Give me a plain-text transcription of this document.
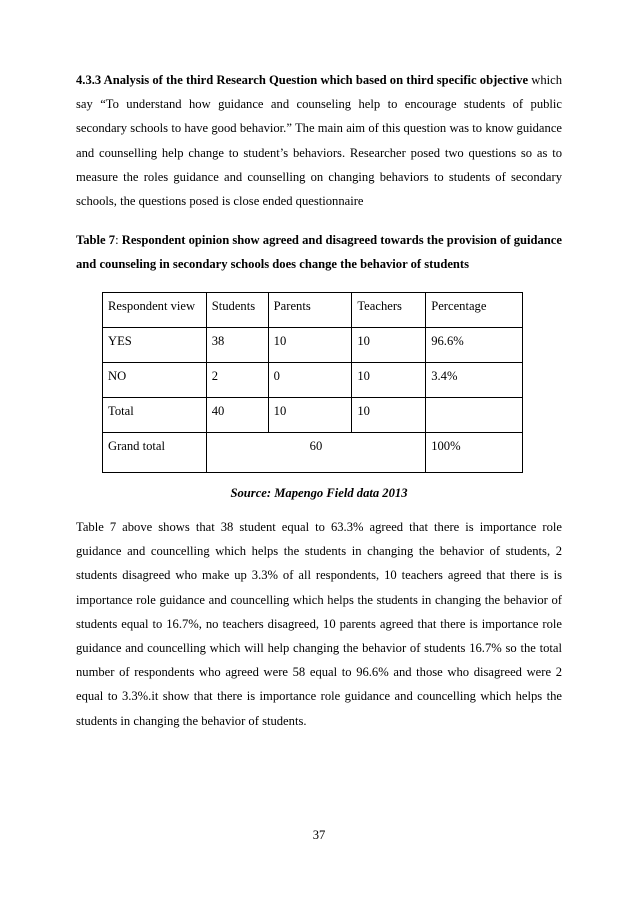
4.3.3 Analysis of the third Research Question which based on third specific objective which say “To understand how guidance and counseling help to encourage students of public secondary schools to have good behavior.” The main aim of this question was to know guidance and counselling help change to student’s behaviors. Researcher posed two questions so as to measure the roles guidance and counselling on changing behaviors to students of secondary schools, the questions posed is close ended questionnaire

Table 7: Respondent opinion show agreed and disagreed towards the provision of guidance and counseling in secondary schools does change the behavior of students

Respondent view	Students	Parents	Teachers	Percentage
YES	38	10	10	96.6%
NO	2	0	10	3.4%
Total	40	10	10	
Grand total	60			100%
Source: Mapengo Field data 2013

Table 7 above shows that 38 student equal to 63.3% agreed that there is importance role guidance and councelling which helps the students in changing the behavior of students, 2 students disagreed who make up 3.3% of all respondents, 10 teachers agreed that there is is importance role guidance and councelling which helps the students in changing the behavior of students equal to 16.7%, no teachers disagreed, 10 parents agreed that there is importance role guidance and councelling which will help changing the behavior of students 16.7% so the total number of respondents who agreed were 58 equal to 96.6% and those who disagreed were 2 equal to 3.3%.it show that there is importance role guidance and councelling which helps the students in changing the behavior of students.

37
